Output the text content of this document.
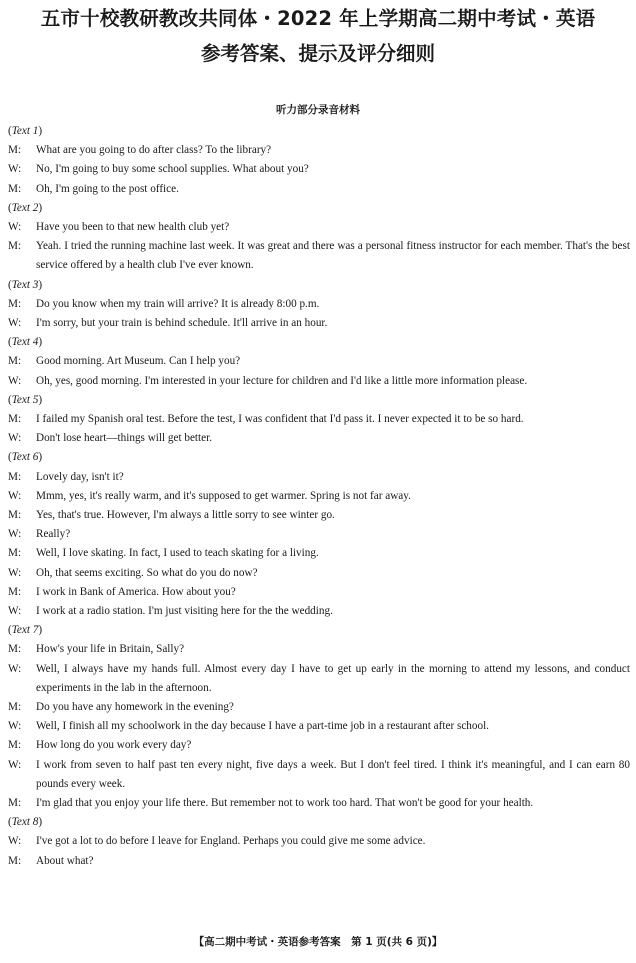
五市十校教研教改共同体・2022 年上学期高二期中考试・英语
参考答案、提示及评分细则
听力部分录音材料
(Text 1)
M:	What are you going to do after class? To the library?
W:	No, I'm going to buy some school supplies. What about you?
M:	Oh, I'm going to the post office.
(Text 2)
W:	Have you been to that new health club yet?
M:	Yeah. I tried the running machine last week. It was great and there was a personal fitness instructor for each member. That's the best service offered by a health club I've ever known.
(Text 3)
M:	Do you know when my train will arrive? It is already 8:00 p.m.
W:	I'm sorry, but your train is behind schedule. It'll arrive in an hour.
(Text 4)
M:	Good morning. Art Museum. Can I help you?
W:	Oh, yes, good morning. I'm interested in your lecture for children and I'd like a little more information please.
(Text 5)
M:	I failed my Spanish oral test. Before the test, I was confident that I'd pass it. I never expected it to be so hard.
W:	Don't lose heart—things will get better.
(Text 6)
M:	Lovely day, isn't it?
W:	Mmm, yes, it's really warm, and it's supposed to get warmer. Spring is not far away.
M:	Yes, that's true. However, I'm always a little sorry to see winter go.
W:	Really?
M:	Well, I love skating. In fact, I used to teach skating for a living.
W:	Oh, that seems exciting. So what do you do now?
M:	I work in Bank of America. How about you?
W:	I work at a radio station. I'm just visiting here for the the wedding.
(Text 7)
M:	How's your life in Britain, Sally?
W:	Well, I always have my hands full. Almost every day I have to get up early in the morning to attend my lessons, and conduct experiments in the lab in the afternoon.
M:	Do you have any homework in the evening?
W:	Well, I finish all my schoolwork in the day because I have a part-time job in a restaurant after school.
M:	How long do you work every day?
W:	I work from seven to half past ten every night, five days a week. But I don't feel tired. I think it's meaningful, and I can earn 80 pounds every week.
M:	I'm glad that you enjoy your life there. But remember not to work too hard. That won't be good for your health.
(Text 8)
W:	I've got a lot to do before I leave for England. Perhaps you could give me some advice.
M:	About what?
【高二期中考试・英语参考答案　第 1 页(共 6 页)】
